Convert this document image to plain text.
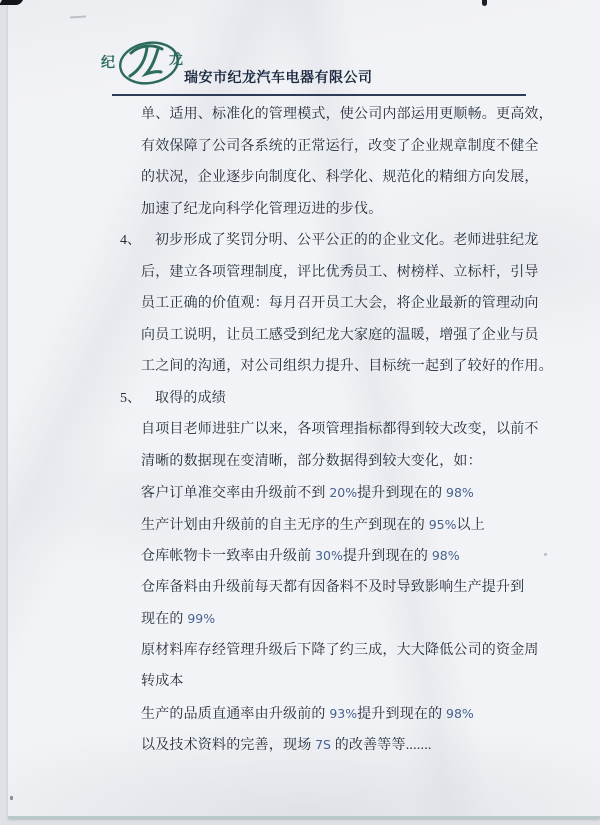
纪	龙
瑞安市纪龙汽车电器有限公司
单、适用、标准化的管理模式，使公司内部运用更顺畅。更高效，
有效保障了公司各系统的正常运行，改变了企业规章制度不健全
的状况，企业逐步向制度化、科学化、规范化的精细方向发展，
加速了纪龙向科学化管理迈进的步伐。
4、 初步形成了奖罚分明、公平公正的的企业文化。老师进驻纪龙
后，建立各项管理制度，评比优秀员工、树榜样、立标杆，引导
员工正确的价值观：每月召开员工大会，将企业最新的管理动向
向员工说明，让员工感受到纪龙大家庭的温暖，增强了企业与员
工之间的沟通，对公司组织力提升、目标统一起到了较好的作用。
5、 取得的成绩
自项目老师进驻广以来，各项管理指标都得到较大改变，以前不
清晰的数据现在变清晰，部分数据得到较大变化，如：
客户订单准交率由升级前不到 20%提升到现在的 98%
生产计划由升级前的自主无序的生产到现在的 95%以上
仓库帐物卡一致率由升级前 30%提升到现在的 98%
仓库备料由升级前每天都有因备料不及时导致影响生产提升到
现在的 99%
原材料库存经管理升级后下降了约三成，大大降低公司的资金周
转成本
生产的品质直通率由升级前的 93%提升到现在的 98%
以及技术资料的完善，现场 7S 的改善等等.......
